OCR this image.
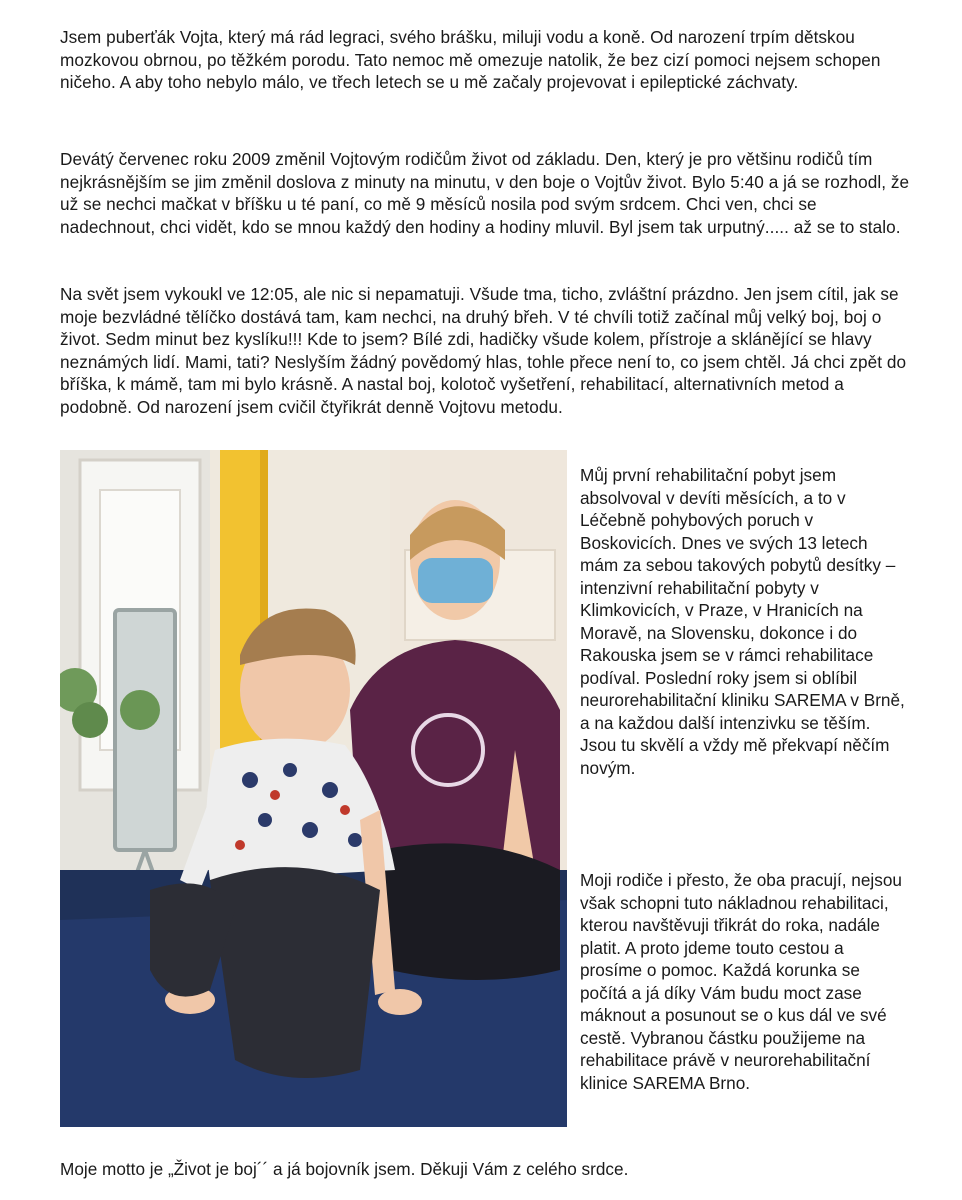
Jsem puberťák Vojta, který má rád legraci, svého brášku, miluji vodu a koně. Od narození trpím dětskou mozkovou obrnou, po těžkém porodu. Tato nemoc mě omezuje natolik, že bez cizí pomoci nejsem schopen ničeho. A aby toho nebylo málo, ve třech letech se u mě začaly projevovat i epileptické záchvaty.

Devátý červenec roku 2009 změnil Vojtovým rodičům život od základu. Den, který je pro většinu rodičů tím nejkrásnějším se jim změnil doslova z minuty na minutu, v den boje o Vojtův život. Bylo 5:40 a já se rozhodl, že už se nechci mačkat v bříšku u té paní, co mě 9 měsíců nosila pod svým srdcem. Chci ven, chci se nadechnout, chci vidět, kdo se mnou každý den hodiny a hodiny mluvil. Byl jsem tak urputný..... až se to stalo.

Na svět jsem vykoukl ve 12:05, ale nic si nepamatuji. Všude tma, ticho, zvláštní prázdno. Jen jsem cítil, jak se moje bezvládné tělíčko dostává tam, kam nechci, na druhý břeh. V té chvíli totiž začínal můj velký boj, boj o život. Sedm minut bez kyslíku!!! Kde to jsem? Bílé zdi, hadičky všude kolem, přístroje a sklánějící se hlavy neznámých lidí. Mami, tati? Neslyším žádný povědomý hlas, tohle přece není to, co jsem chtěl. Já chci zpět do bříška, k mámě, tam mi bylo krásně. A nastal boj, kolotoč vyšetření, rehabilitací, alternativních metod a podobně. Od narození jsem cvičil čtyřikrát denně Vojtovu metodu.

Můj první rehabilitační pobyt jsem absolvoval v devíti měsících, a to v Léčebně pohybových poruch v Boskovicích. Dnes ve svých 13 letech mám za sebou takových pobytů desítky – intenzivní rehabilitační pobyty v Klimkovicích, v Praze, v Hranicích na Moravě, na Slovensku, dokonce i do Rakouska jsem se v rámci rehabilitace podíval. Poslední roky jsem si oblíbil neurorehabilitační kliniku SAREMA v Brně, a na každou další intenzivku se těším. Jsou tu skvělí a vždy mě překvapí něčím novým.

Moji rodiče i přesto, že oba pracují, nejsou však schopni tuto nákladnou rehabilitaci, kterou navštěvuji třikrát do roka, nadále platit. A proto jdeme touto cestou a prosíme o pomoc. Každá korunka se počítá a já díky Vám budu moct zase máknout a posunout se o kus dál ve své cestě. Vybranou částku použijeme na rehabilitace právě v neurorehabilitační klinice SAREMA Brno.

Moje motto je „Život je boj´´ a já bojovník jsem. Děkuji Vám z celého srdce.
